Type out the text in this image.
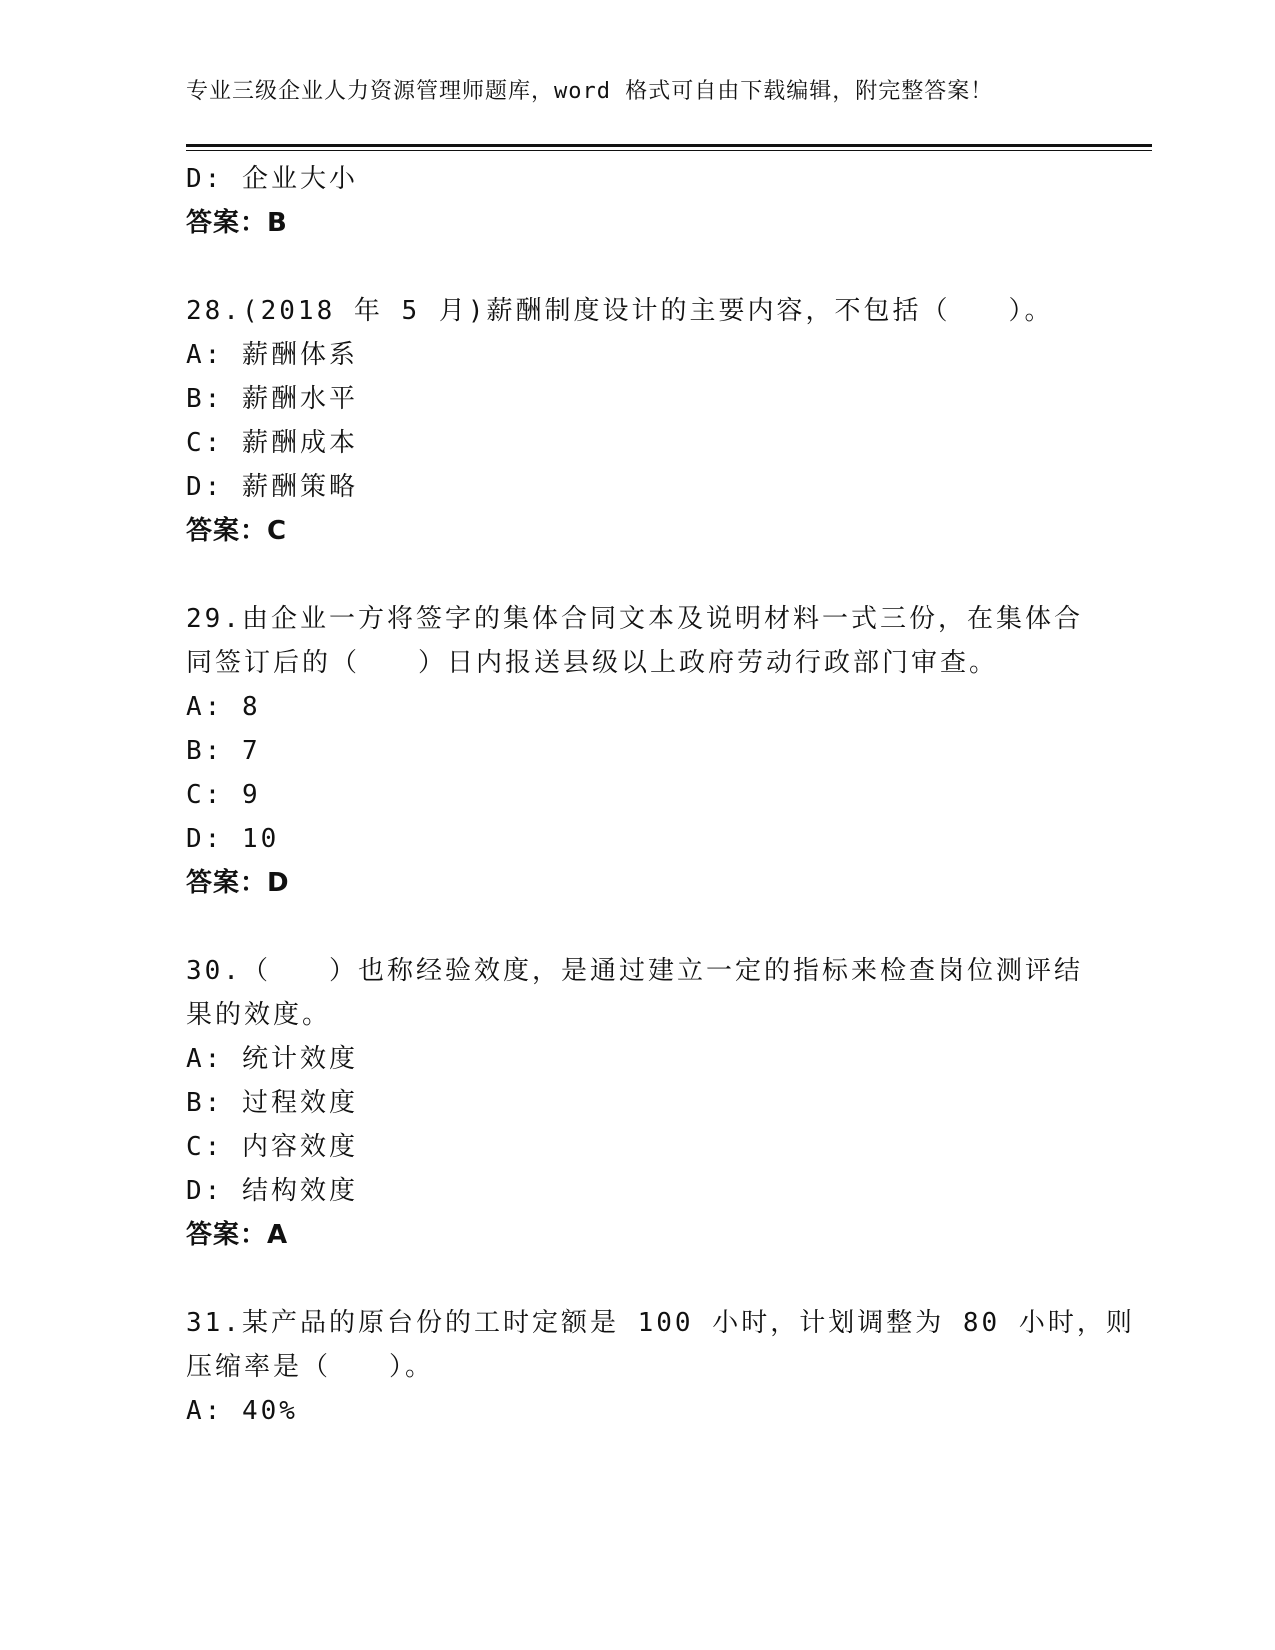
专业三级企业人力资源管理师题库，word 格式可自由下载编辑，附完整答案！
D: 企业大小
答案：B
28.(2018 年 5 月)薪酬制度设计的主要内容，不包括（　　）。
A: 薪酬体系
B: 薪酬水平
C: 薪酬成本
D: 薪酬策略
答案：C
29.由企业一方将签字的集体合同文本及说明材料一式三份，在集体合
同签订后的（　　）日内报送县级以上政府劳动行政部门审查。
A: 8
B: 7
C: 9
D: 10
答案：D
30.（　　）也称经验效度，是通过建立一定的指标来检查岗位测评结
果的效度。
A: 统计效度
B: 过程效度
C: 内容效度
D: 结构效度
答案：A
31.某产品的原台份的工时定额是 100 小时，计划调整为 80 小时，则
压缩率是（　　）。
A: 40%
